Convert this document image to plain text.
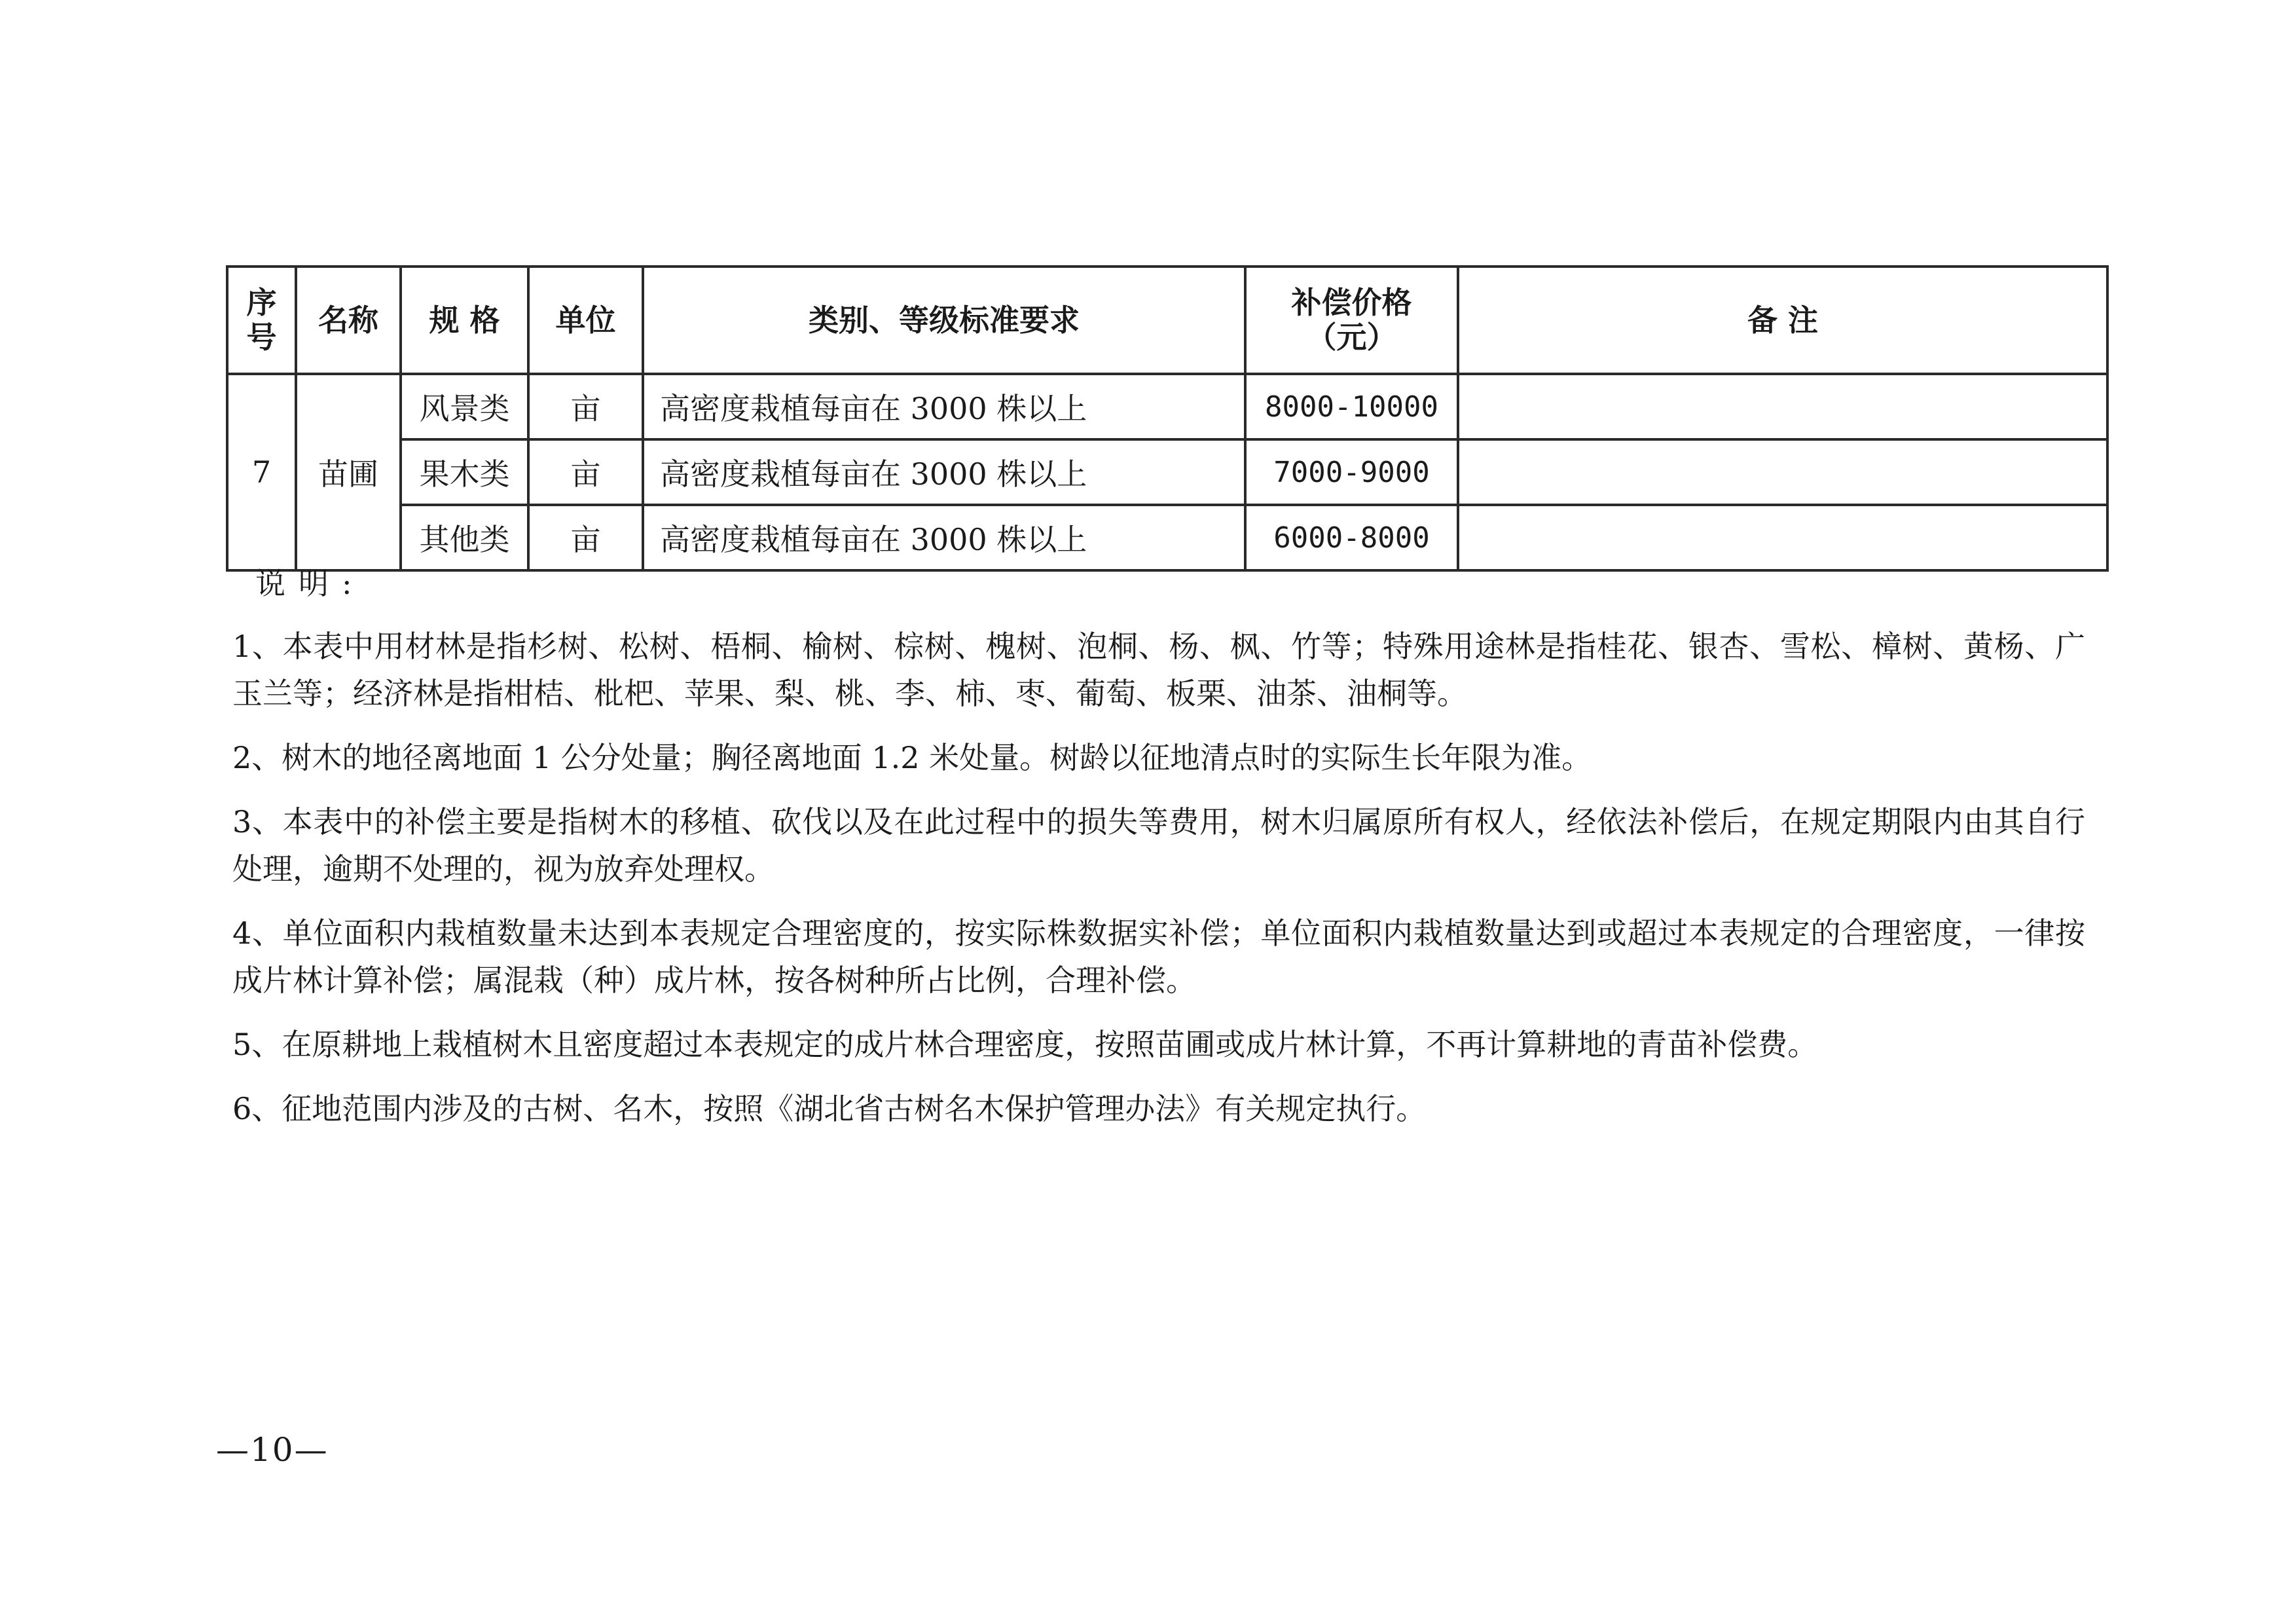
序号	名称	规 格	单位	类别、等级标准要求	补偿价格（元）	备 注
7	苗圃	风景类	亩	高密度栽植每亩在 3000 株以上	8000-10000	
		果木类	亩	高密度栽植每亩在 3000 株以上	7000-9000	
		其他类	亩	高密度栽植每亩在 3000 株以上	6000-8000	
说明:
1、本表中用材林是指杉树、松树、梧桐、榆树、棕树、槐树、泡桐、杨、枫、竹等；特殊用途林是指桂花、银杏、雪松、樟树、黄杨、广玉兰等；经济林是指柑桔、枇杷、苹果、梨、桃、李、柿、枣、葡萄、板栗、油茶、油桐等。
2、树木的地径离地面 1 公分处量；胸径离地面 1.2 米处量。树龄以征地清点时的实际生长年限为准。
3、本表中的补偿主要是指树木的移植、砍伐以及在此过程中的损失等费用，树木归属原所有权人，经依法补偿后，在规定期限内由其自行处理，逾期不处理的，视为放弃处理权。
4、单位面积内栽植数量未达到本表规定合理密度的，按实际株数据实补偿；单位面积内栽植数量达到或超过本表规定的合理密度，一律按成片林计算补偿；属混栽（种）成片林，按各树种所占比例，合理补偿。
5、在原耕地上栽植树木且密度超过本表规定的成片林合理密度，按照苗圃或成片林计算，不再计算耕地的青苗补偿费。
6、征地范围内涉及的古树、名木，按照《湖北省古树名木保护管理办法》有关规定执行。
—10—
